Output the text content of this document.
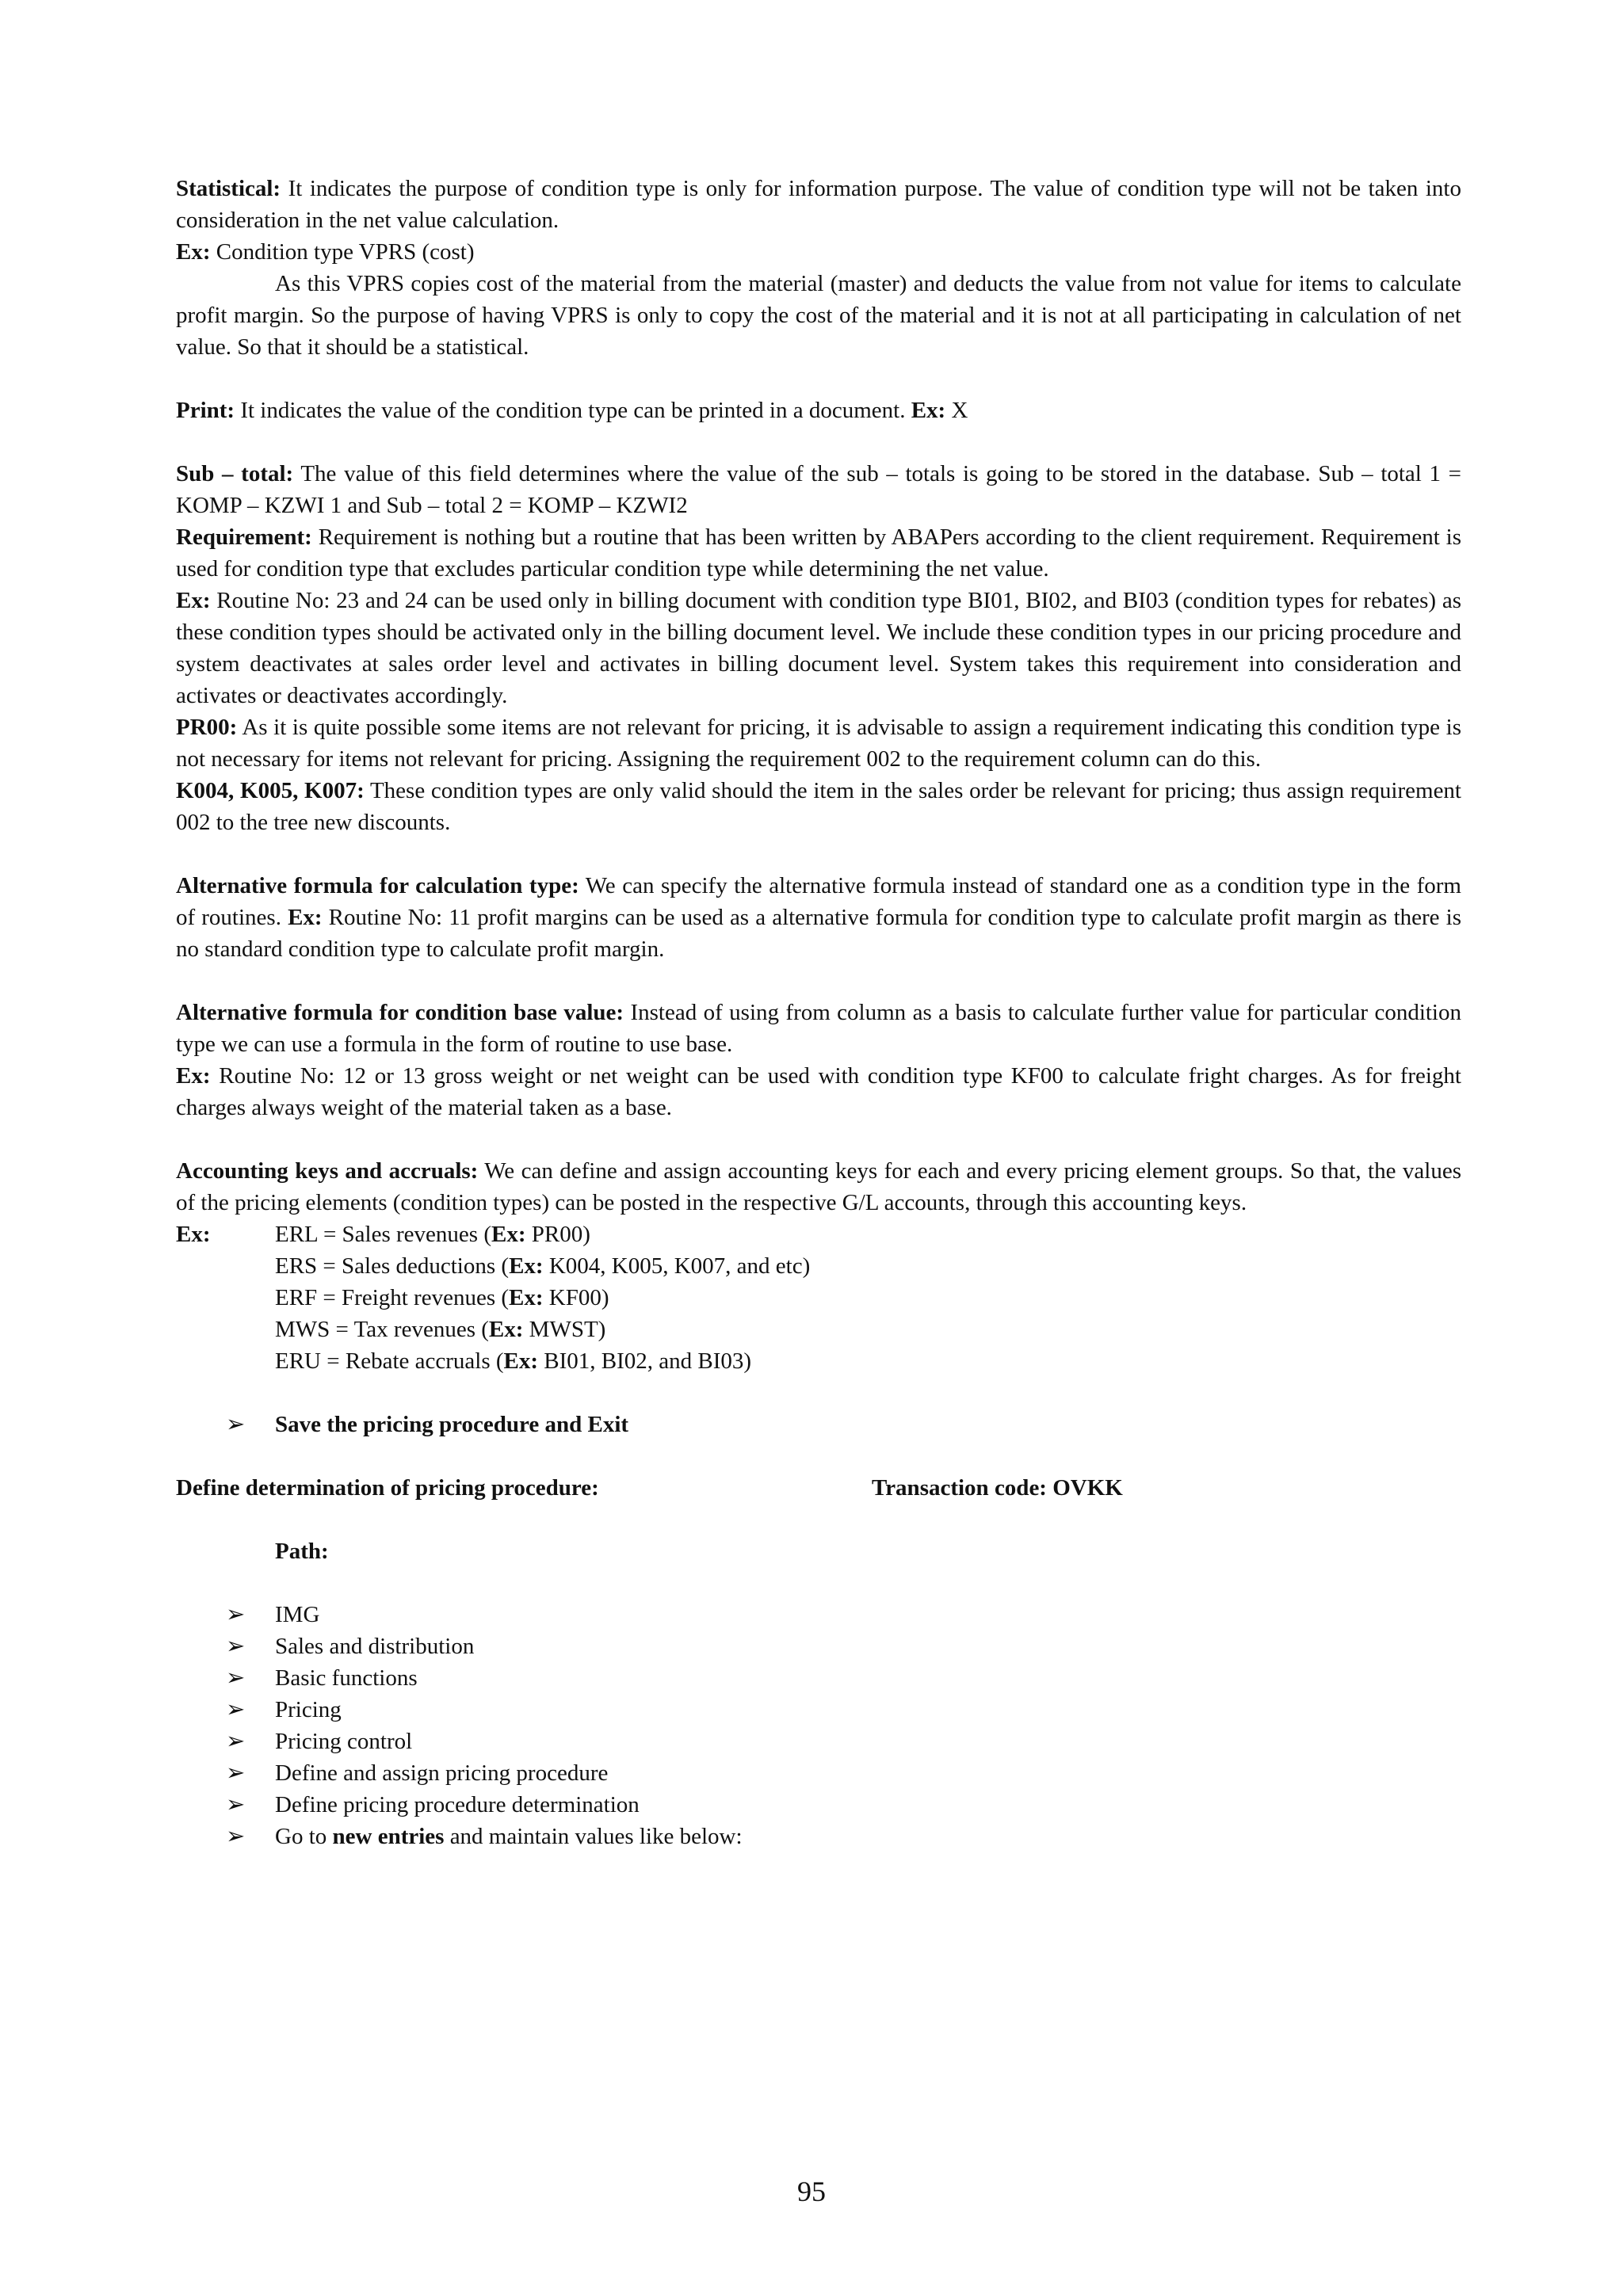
Statistical: It indicates the purpose of condition type is only for information purpose. The value of condition type will not be taken into consideration in the net value calculation.

Ex: Condition type VPRS (cost)

As this VPRS copies cost of the material from the material (master) and deducts the value from not value for items to calculate profit margin. So the purpose of having VPRS is only to copy the cost of the material and it is not at all participating in calculation of net value. So that it should be a statistical.

Print: It indicates the value of the condition type can be printed in a document. Ex: X

Sub – total: The value of this field determines where the value of the sub – totals is going to be stored in the database. Sub – total 1 = KOMP – KZWI 1 and Sub – total 2 = KOMP – KZWI2

Requirement: Requirement is nothing but a routine that has been written by ABAPers according to the client requirement. Requirement is used for condition type that excludes particular condition type while determining the net value.

Ex: Routine No: 23 and 24 can be used only in billing document with condition type BI01, BI02, and BI03 (condition types for rebates) as these condition types should be activated only in the billing document level. We include these condition types in our pricing procedure and system deactivates at sales order level and activates in billing document level. System takes this requirement into consideration and activates or deactivates accordingly.

PR00: As it is quite possible some items are not relevant for pricing, it is advisable to assign a requirement indicating this condition type is not necessary for items not relevant for pricing. Assigning the requirement 002 to the requirement column can do this.

K004, K005, K007: These condition types are only valid should the item in the sales order be relevant for pricing; thus assign requirement 002 to the tree new discounts.

Alternative formula for calculation type: We can specify the alternative formula instead of standard one as a condition type in the form of routines. Ex: Routine No: 11 profit margins can be used as a alternative formula for condition type to calculate profit margin as there is no standard condition type to calculate profit margin.

Alternative formula for condition base value: Instead of using from column as a basis to calculate further value for particular condition type we can use a formula in the form of routine to use base.

Ex: Routine No: 12 or 13 gross weight or net weight can be used with condition type KF00 to calculate fright charges. As for freight charges always weight of the material taken as a base.

Accounting keys and accruals: We can define and assign accounting keys for each and every pricing element groups. So that, the values of the pricing elements (condition types) can be posted in the respective G/L accounts, through this accounting keys.

Ex:	ERL = Sales revenues (Ex: PR00)
ERS = Sales deductions (Ex: K004, K005, K007, and etc)
ERF = Freight revenues (Ex: KF00)
MWS = Tax revenues (Ex: MWST)
ERU = Rebate accruals (Ex: BI01, BI02, and BI03)
➢ Save the pricing procedure and Exit
Define determination of pricing procedure:	Transaction code: OVKK
Path:
➢ IMG
➢ Sales and distribution
➢ Basic functions
➢ Pricing
➢ Pricing control
➢ Define and assign pricing procedure
➢ Define pricing procedure determination
➢ Go to new entries and maintain values like below:
95
